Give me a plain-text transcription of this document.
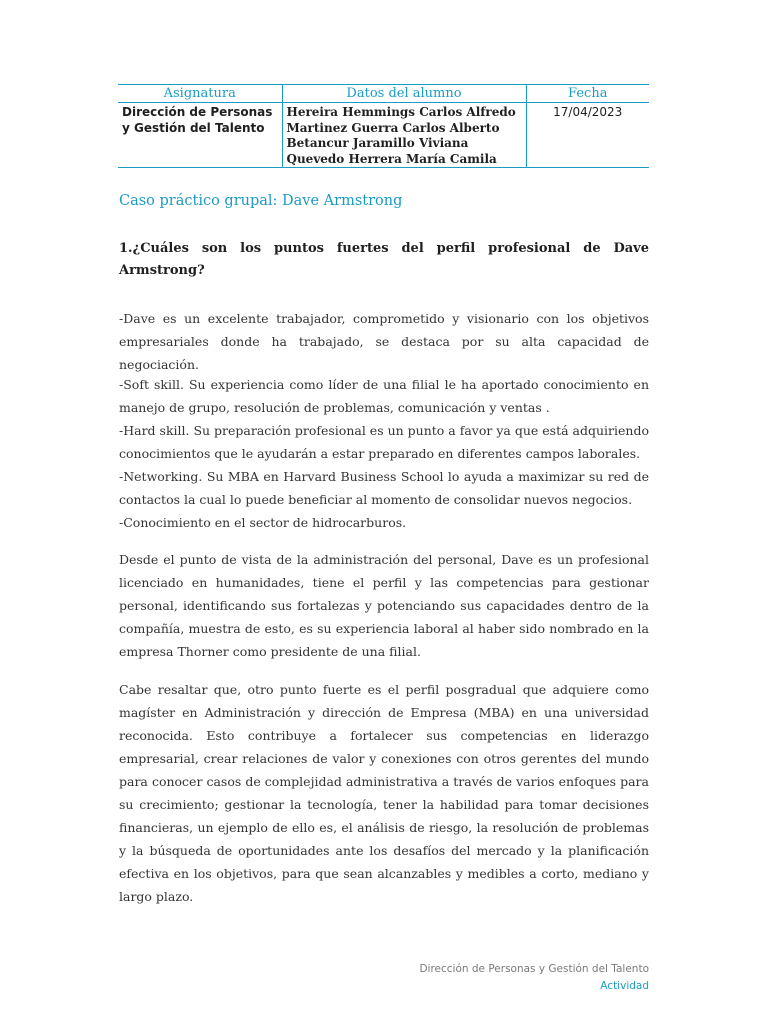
Asignatura	Datos del alumno	Fecha
Dirección de Personas y Gestión del Talento	Hereira Hemmings Carlos Alfredo
Martinez Guerra Carlos Alberto
Betancur Jaramillo Viviana
Quevedo Herrera María Camila	17/04/2023
Caso práctico grupal: Dave Armstrong

1.¿Cuáles son los puntos fuertes del perfil profesional de Dave Armstrong?

-Dave es un excelente trabajador, comprometido y visionario con los objetivos empresariales donde ha trabajado, se destaca por su alta capacidad de negociación.

-Soft skill. Su experiencia como líder de una filial le ha aportado conocimiento en manejo de grupo, resolución de problemas, comunicación y ventas .
-Hard skill. Su preparación profesional es un punto a favor ya que está adquiriendo conocimientos que le ayudarán a estar preparado en diferentes campos laborales.
-Networking. Su MBA en Harvard Business School lo ayuda a maximizar su red de contactos la cual lo puede beneficiar al momento de consolidar nuevos negocios.
-Conocimiento en el sector de hidrocarburos.

Desde el punto de vista de la administración del personal, Dave es un profesional licenciado en humanidades, tiene el perfil y las competencias para gestionar personal, identificando sus fortalezas y potenciando sus capacidades dentro de la compañía, muestra de esto, es su experiencia laboral al haber sido nombrado en la empresa Thorner como presidente de una filial.

Cabe resaltar que, otro punto fuerte es el perfil posgradual que adquiere como magíster en Administración y dirección de Empresa (MBA) en una universidad reconocida. Esto contribuye a fortalecer sus competencias en liderazgo empresarial, crear relaciones de valor y conexiones con otros gerentes del mundo para conocer casos de complejidad administrativa a través de varios enfoques para su crecimiento; gestionar la tecnología, tener la habilidad para tomar decisiones financieras, un ejemplo de ello es, el análisis de riesgo, la resolución de problemas y la búsqueda de oportunidades ante los desafíos del mercado y la planificación efectiva en los objetivos, para que sean alcanzables y medibles a corto, mediano y largo plazo.

Dirección de Personas y Gestión del Talento
Actividad
